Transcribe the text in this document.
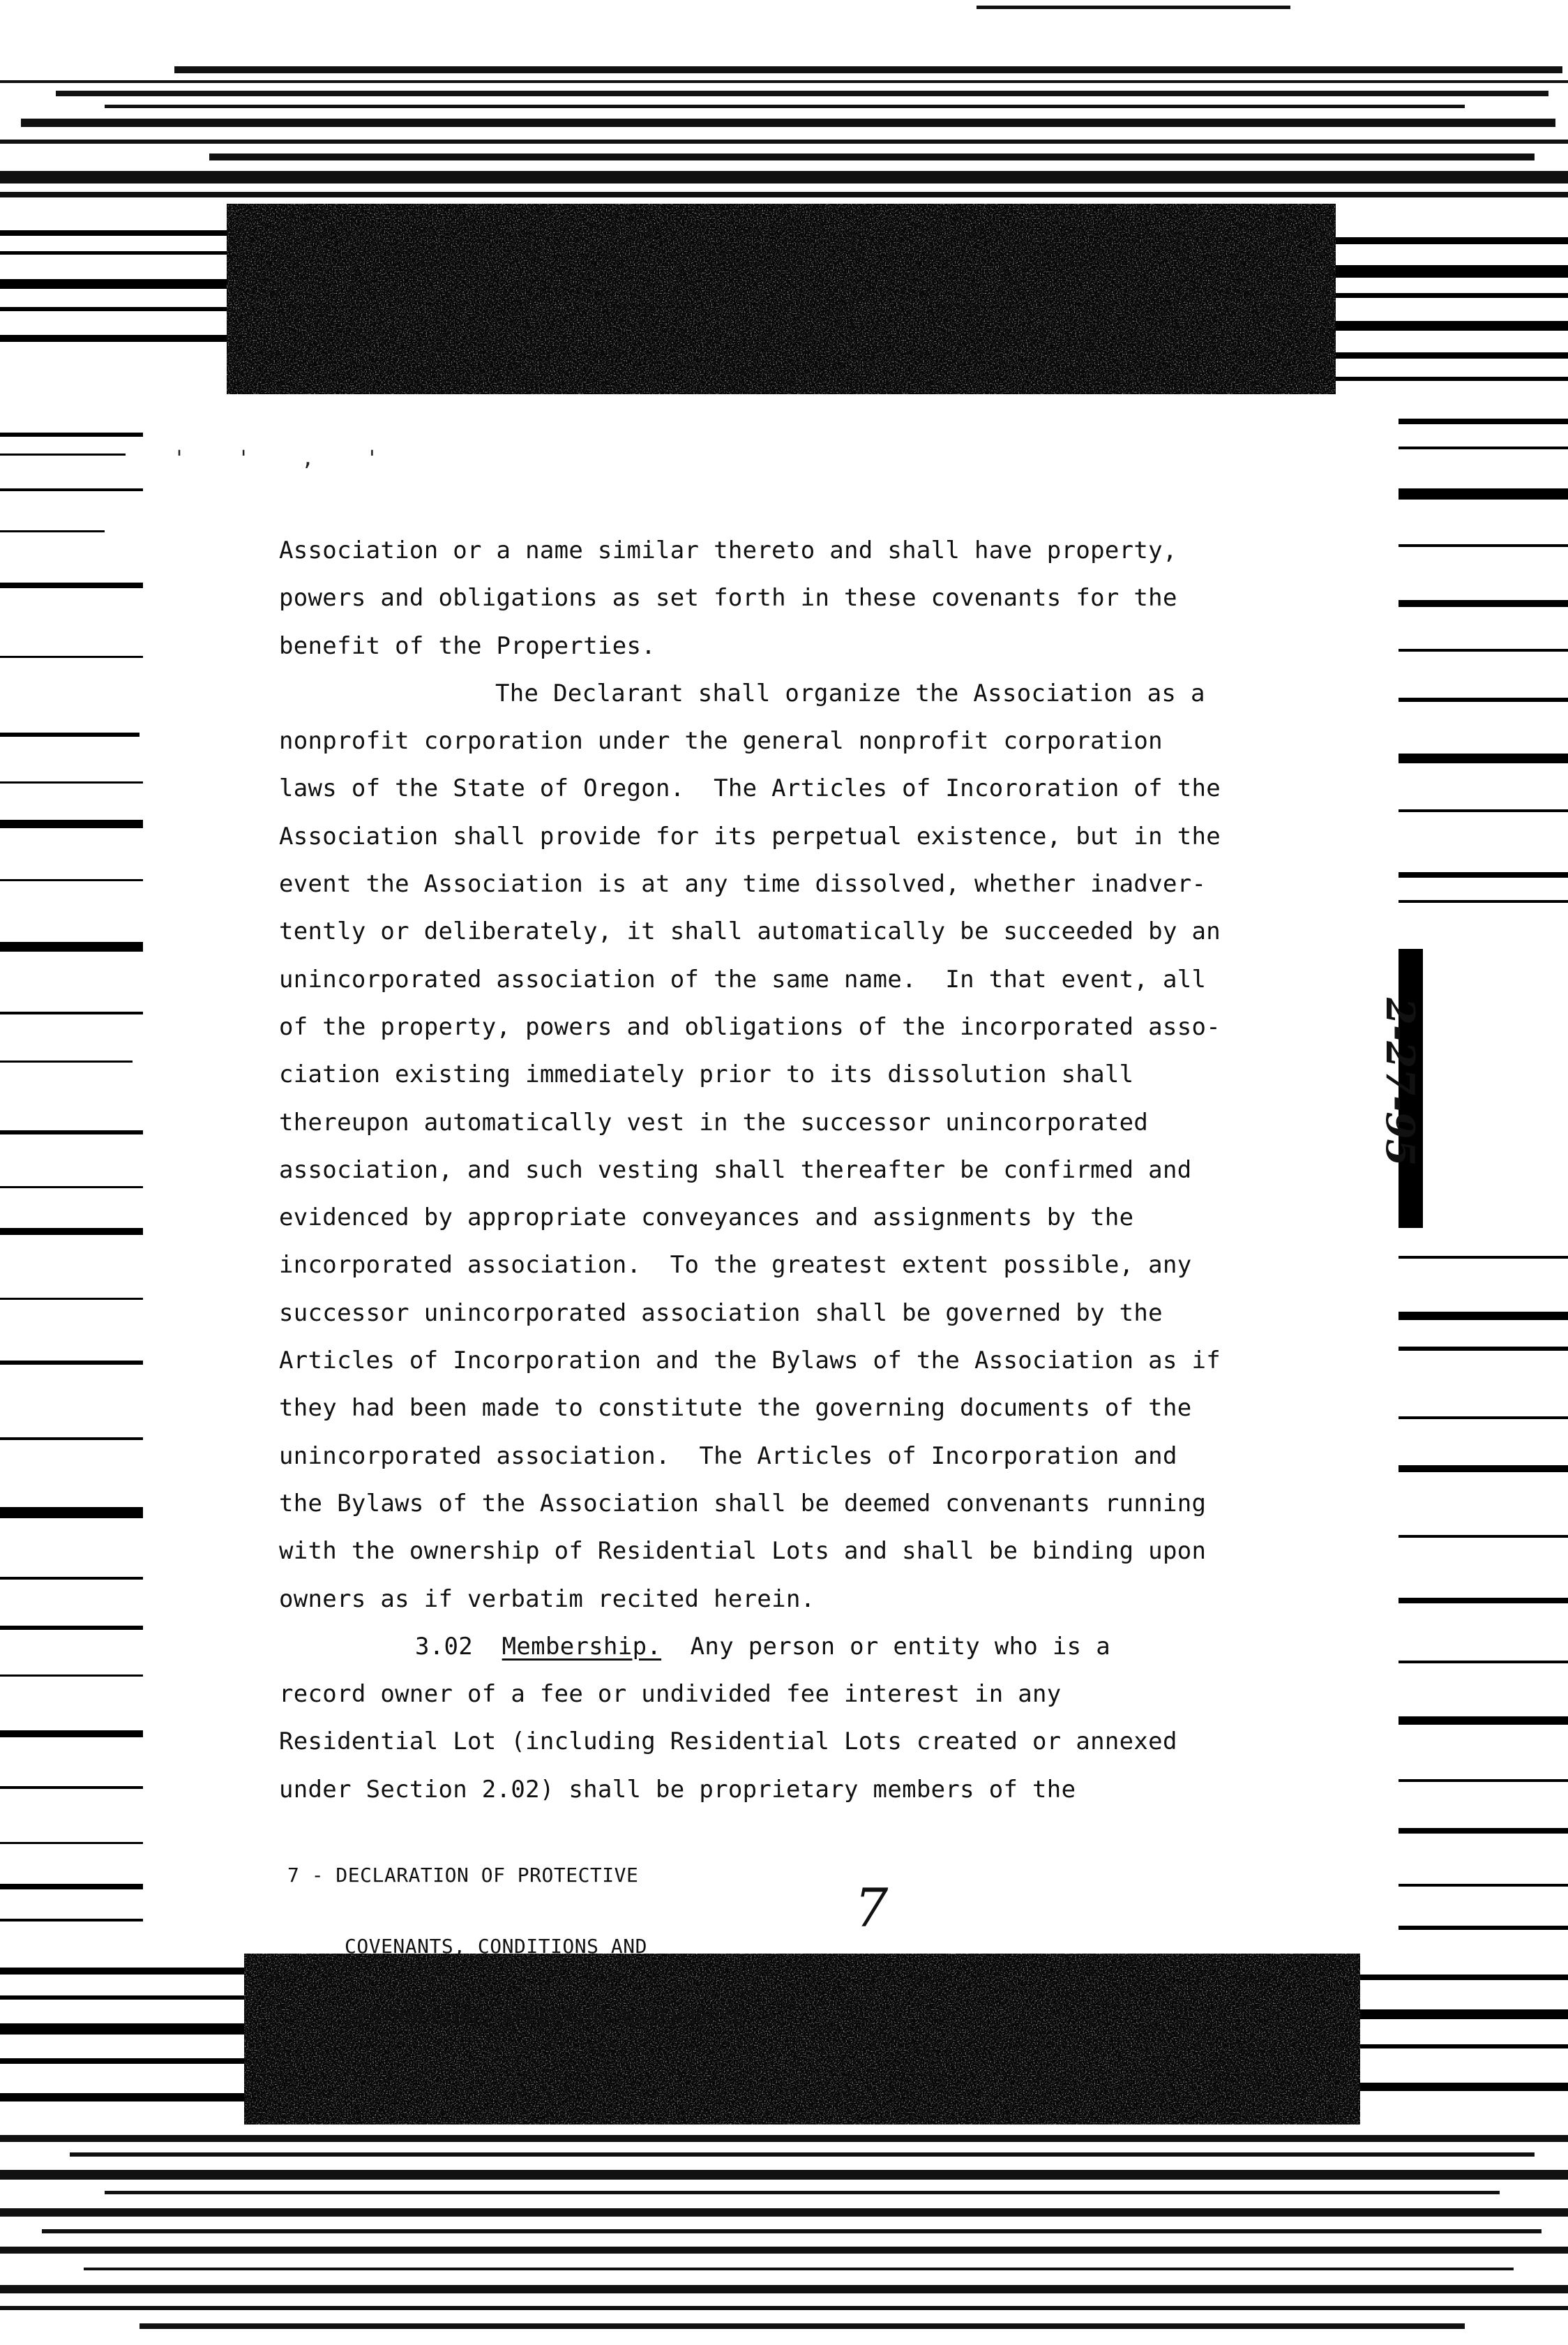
' ' , '
Association or a name similar thereto and shall have property,
powers and obligations as set forth in these covenants for the
benefit of the Properties.
The Declarant shall organize the Association as a
nonprofit corporation under the general nonprofit corporation
laws of the State of Oregon.  The Articles of Incororation of the
Association shall provide for its perpetual existence, but in the
event the Association is at any time dissolved, whether inadver-
tently or deliberately, it shall automatically be succeeded by an
unincorporated association of the same name.  In that event, all
of the property, powers and obligations of the incorporated asso-
ciation existing immediately prior to its dissolution shall
thereupon automatically vest in the successor unincorporated
association, and such vesting shall thereafter be confirmed and
evidenced by appropriate conveyances and assignments by the
incorporated association.  To the greatest extent possible, any
successor unincorporated association shall be governed by the
Articles of Incorporation and the Bylaws of the Association as if
they had been made to constitute the governing documents of the
unincorporated association.  The Articles of Incorporation and
the Bylaws of the Association shall be deemed convenants running
with the ownership of Residential Lots and shall be binding upon
owners as if verbatim recited herein.
3.02 Membership.  Any person or entity who is a
record owner of a fee or undivided fee interest in any
Residential Lot (including Residential Lots created or annexed
under Section 2.02) shall be proprietary members of the

7 - DECLARATION OF PROTECTIVE

COVENANTS, CONDITIONS AND

RESTRUCTIONS AFFECTING WATERHOUSE

7
2-27-95
